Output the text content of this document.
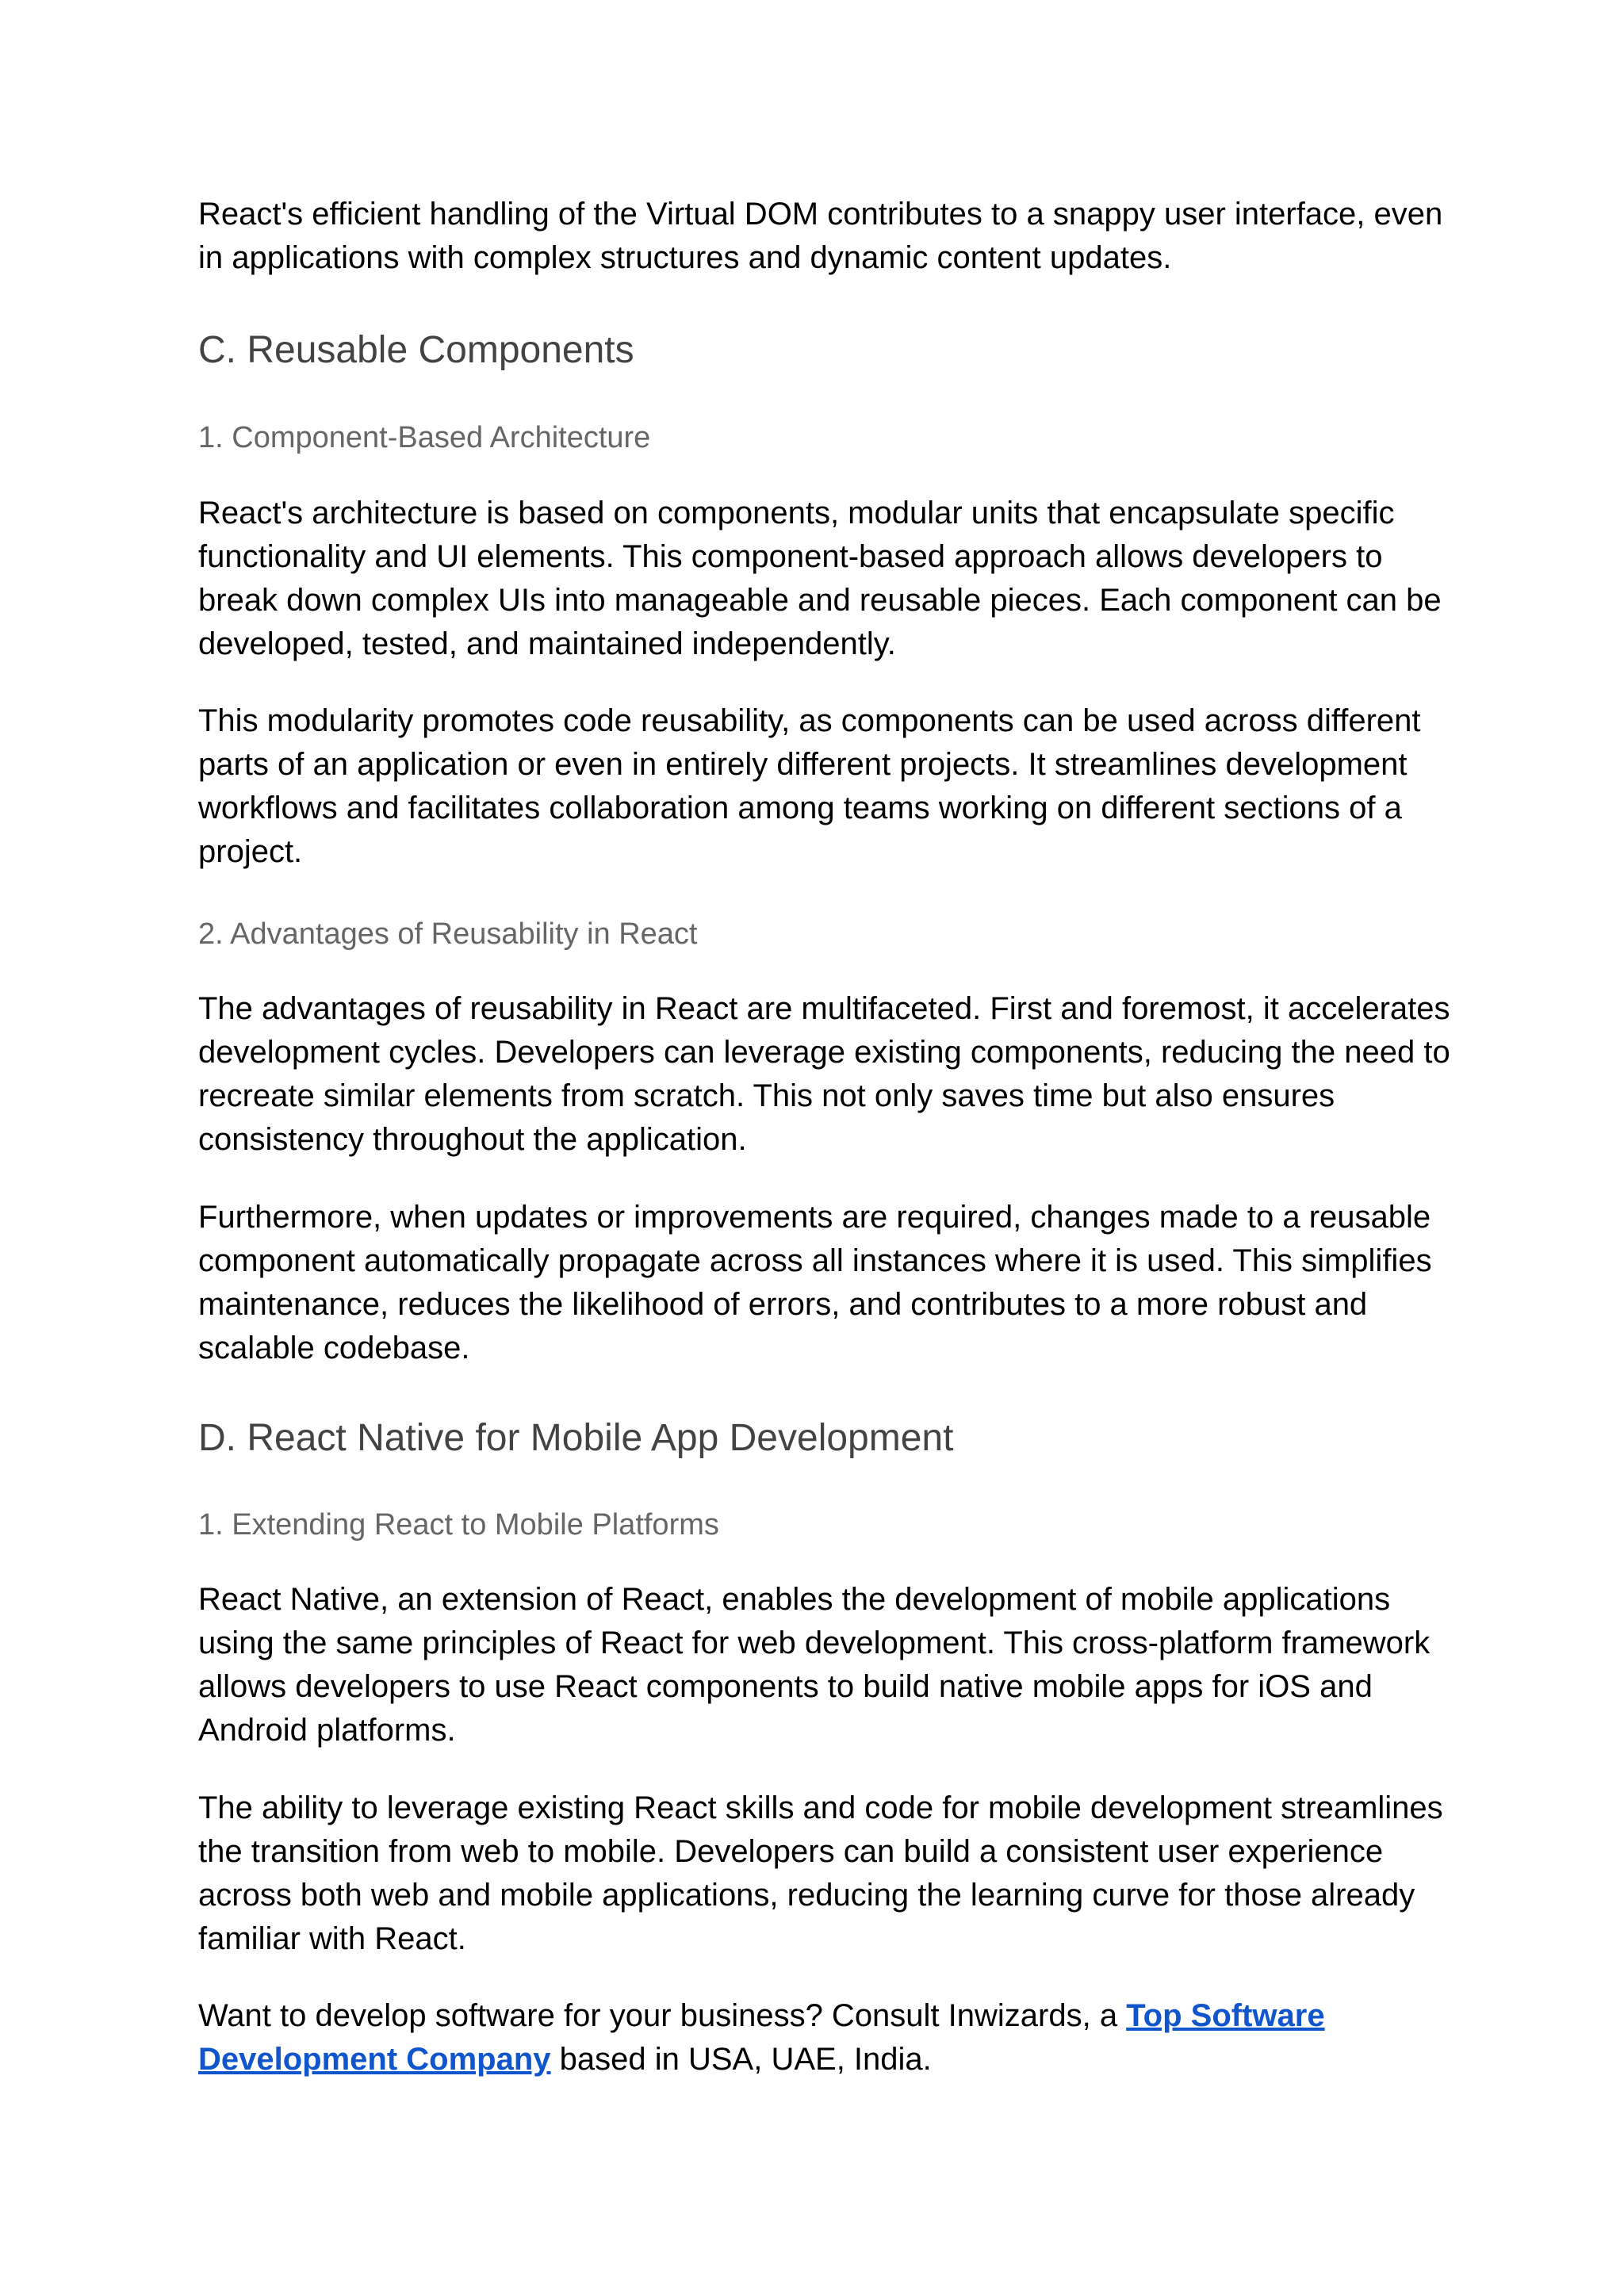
React's efficient handling of the Virtual DOM contributes to a snappy user interface, even in applications with complex structures and dynamic content updates.

C. Reusable Components
1. Component-Based Architecture

React's architecture is based on components, modular units that encapsulate specific functionality and UI elements. This component-based approach allows developers to break down complex UIs into manageable and reusable pieces. Each component can be developed, tested, and maintained independently.

This modularity promotes code reusability, as components can be used across different parts of an application or even in entirely different projects. It streamlines development workflows and facilitates collaboration among teams working on different sections of a project.

2. Advantages of Reusability in React

The advantages of reusability in React are multifaceted. First and foremost, it accelerates development cycles. Developers can leverage existing components, reducing the need to recreate similar elements from scratch. This not only saves time but also ensures consistency throughout the application.

Furthermore, when updates or improvements are required, changes made to a reusable component automatically propagate across all instances where it is used. This simplifies maintenance, reduces the likelihood of errors, and contributes to a more robust and scalable codebase.

D. React Native for Mobile App Development
1. Extending React to Mobile Platforms

React Native, an extension of React, enables the development of mobile applications using the same principles of React for web development. This cross-platform framework allows developers to use React components to build native mobile apps for iOS and Android platforms.

The ability to leverage existing React skills and code for mobile development streamlines the transition from web to mobile. Developers can build a consistent user experience across both web and mobile applications, reducing the learning curve for those already familiar with React.

Want to develop software for your business? Consult Inwizards, a Top Software Development Company based in USA, UAE, India.
